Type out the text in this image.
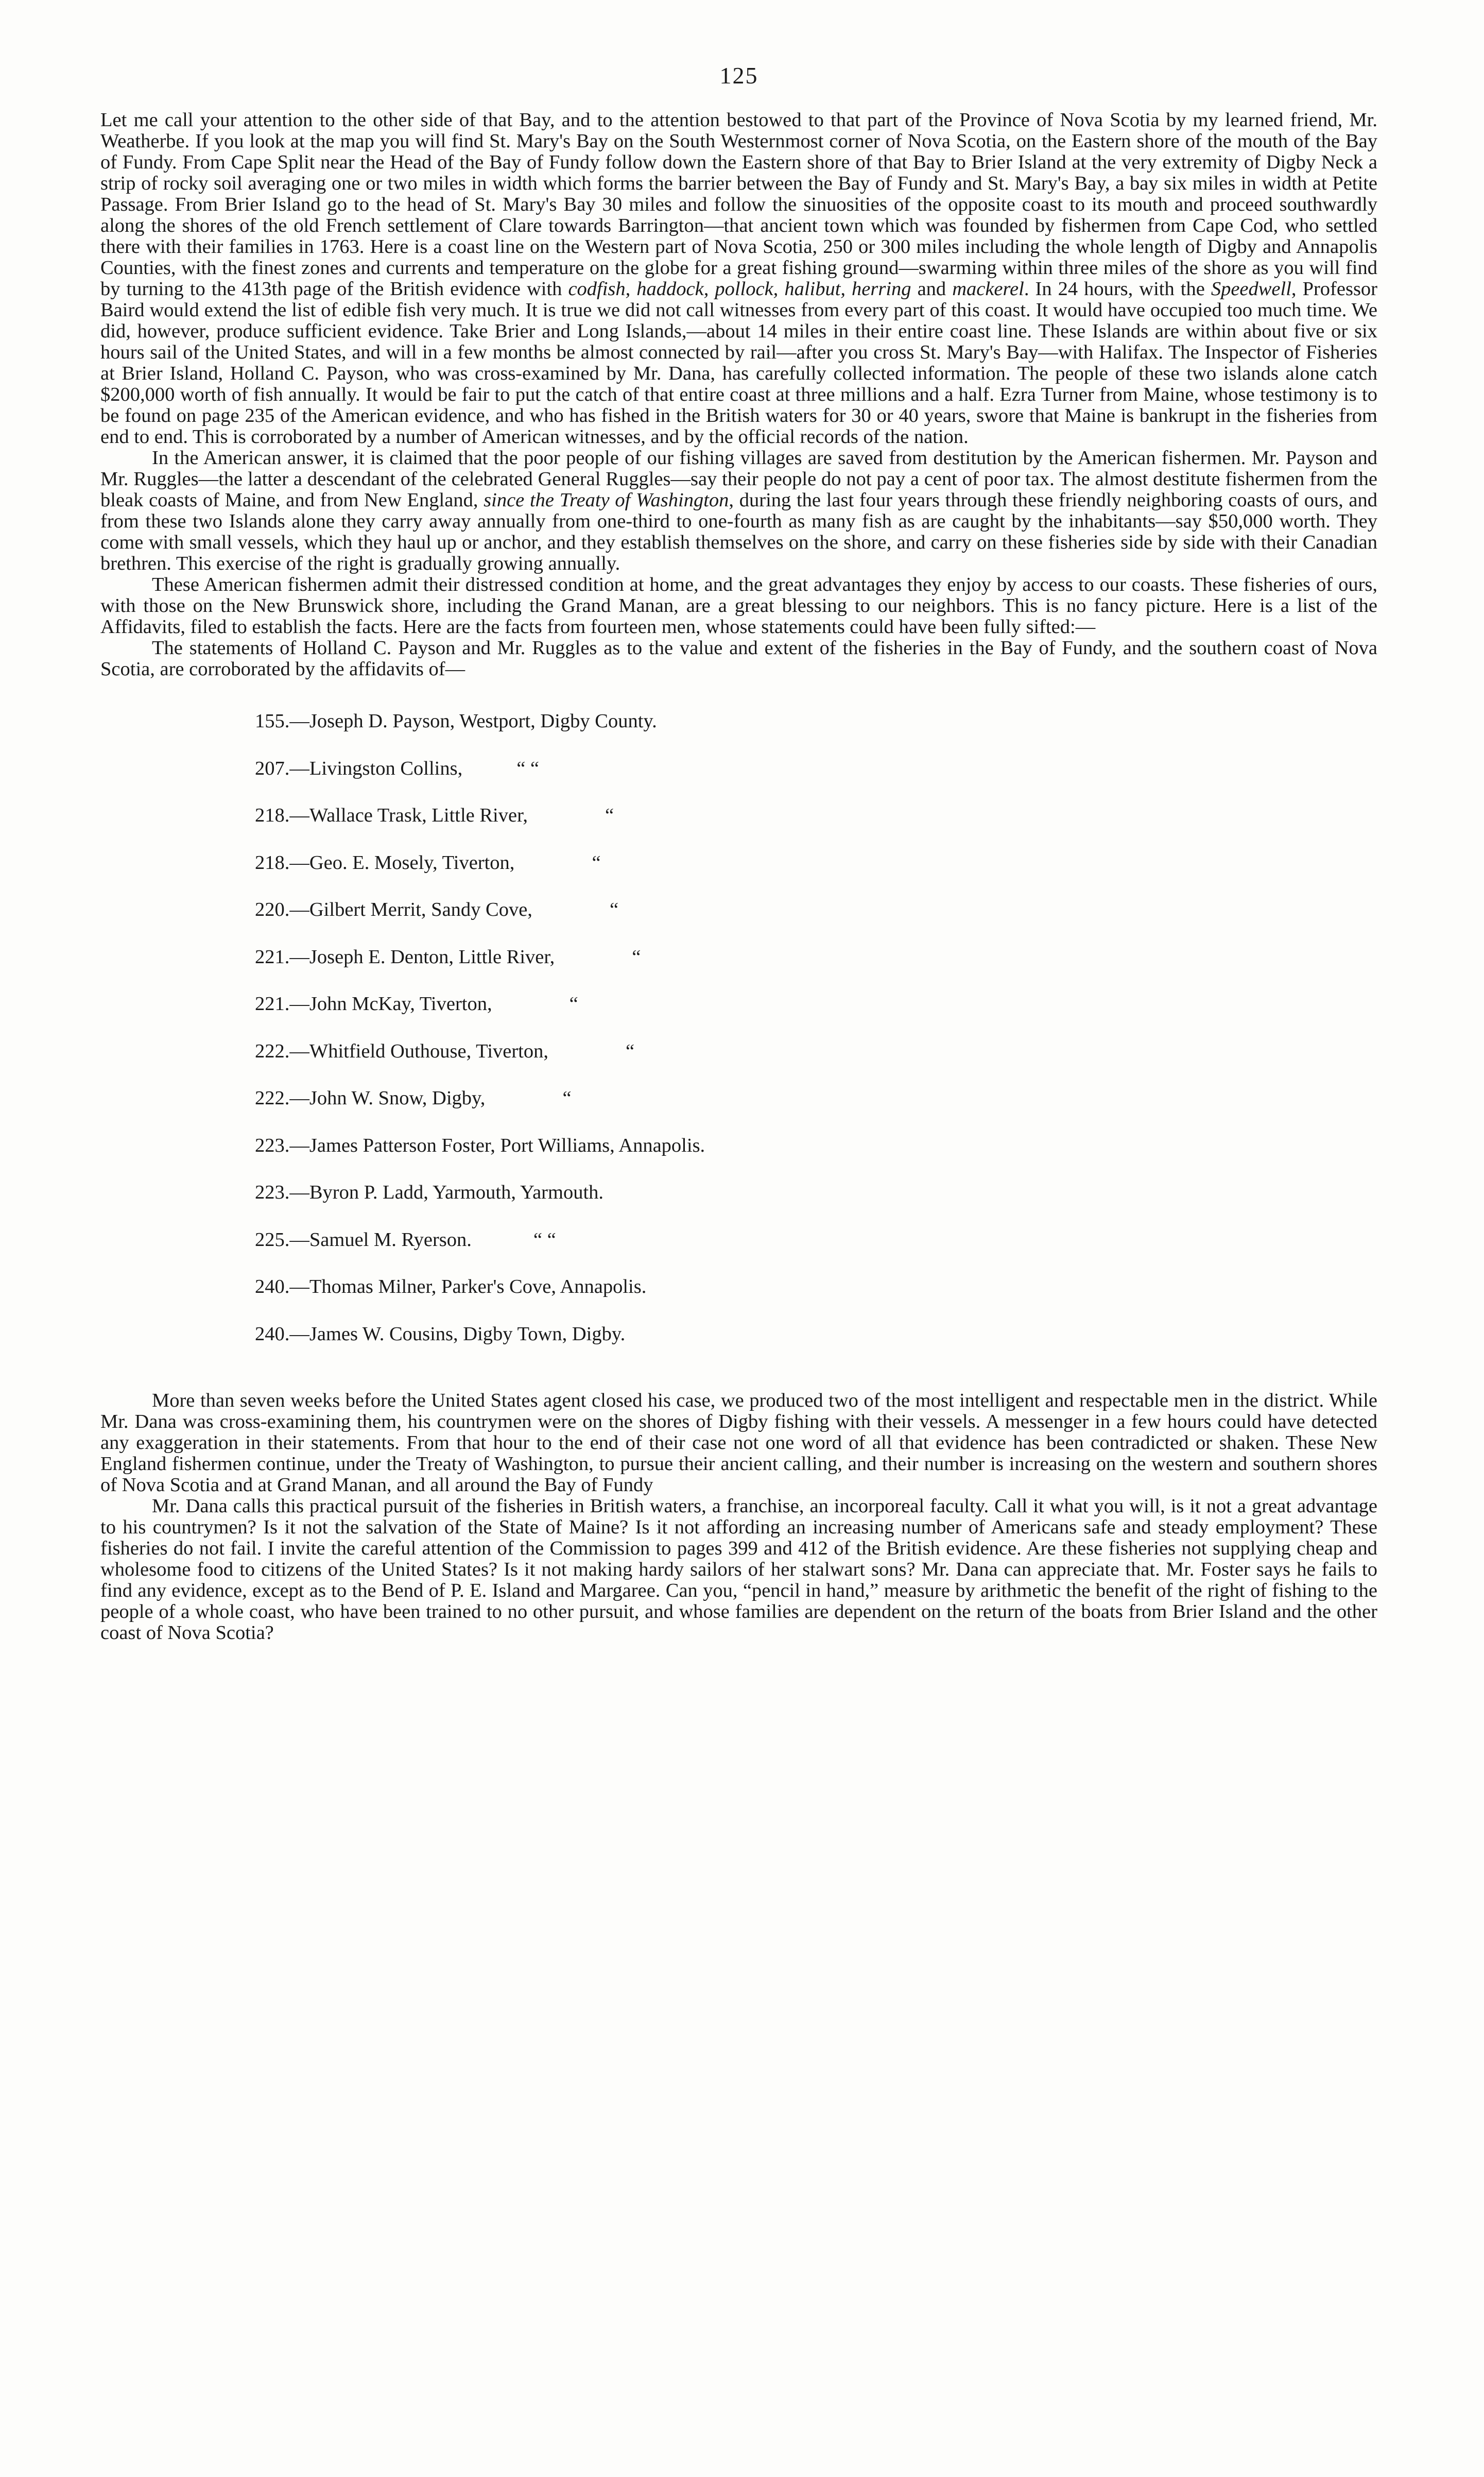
125

Let me call your attention to the other side of that Bay, and to the attention bestowed to that part of the Province of Nova Scotia by my learned friend, Mr. Weatherbe. If you look at the map you will find St. Mary's Bay on the South Westernmost corner of Nova Scotia, on the Eastern shore of the mouth of the Bay of Fundy. From Cape Split near the Head of the Bay of Fundy follow down the Eastern shore of that Bay to Brier Island at the very extremity of Digby Neck a strip of rocky soil averaging one or two miles in width which forms the barrier between the Bay of Fundy and St. Mary's Bay, a bay six miles in width at Petite Passage. From Brier Island go to the head of St. Mary's Bay 30 miles and follow the sinuosities of the opposite coast to its mouth and proceed southwardly along the shores of the old French settlement of Clare towards Barrington—that ancient town which was founded by fishermen from Cape Cod, who settled there with their families in 1763. Here is a coast line on the Western part of Nova Scotia, 250 or 300 miles including the whole length of Digby and Annapolis Counties, with the finest zones and currents and temperature on the globe for a great fishing ground—swarming within three miles of the shore as you will find by turning to the 413th page of the British evidence with codfish, haddock, pollock, halibut, herring and mackerel. In 24 hours, with the Speedwell, Professor Baird would extend the list of edible fish very much. It is true we did not call witnesses from every part of this coast. It would have occupied too much time. We did, however, produce sufficient evidence. Take Brier and Long Islands,—about 14 miles in their entire coast line. These Islands are within about five or six hours sail of the United States, and will in a few months be almost connected by rail—after you cross St. Mary's Bay—with Halifax. The Inspector of Fisheries at Brier Island, Holland C. Payson, who was cross-examined by Mr. Dana, has carefully collected information. The people of these two islands alone catch $200,000 worth of fish annually. It would be fair to put the catch of that entire coast at three millions and a half. Ezra Turner from Maine, whose testimony is to be found on page 235 of the American evidence, and who has fished in the British waters for 30 or 40 years, swore that Maine is bankrupt in the fisheries from end to end. This is corroborated by a number of American witnesses, and by the official records of the nation.

In the American answer, it is claimed that the poor people of our fishing villages are saved from destitution by the American fishermen. Mr. Payson and Mr. Ruggles—the latter a descendant of the celebrated General Ruggles—say their people do not pay a cent of poor tax. The almost destitute fishermen from the bleak coasts of Maine, and from New England, since the Treaty of Washington, during the last four years through these friendly neighboring coasts of ours, and from these two Islands alone they carry away annually from one-third to one-fourth as many fish as are caught by the inhabitants—say $50,000 worth. They come with small vessels, which they haul up or anchor, and they establish themselves on the shore, and carry on these fisheries side by side with their Canadian brethren. This exercise of the right is gradually growing annually.

These American fishermen admit their distressed condition at home, and the great advantages they enjoy by access to our coasts. These fisheries of ours, with those on the New Brunswick shore, including the Grand Manan, are a great blessing to our neighbors. This is no fancy picture. Here is a list of the Affidavits, filed to establish the facts. Here are the facts from fourteen men, whose statements could have been fully sifted:—

The statements of Holland C. Payson and Mr. Ruggles as to the value and extent of the fisheries in the Bay of Fundy, and the southern coast of Nova Scotia, are corroborated by the affidavits of—

155.—Joseph D. Payson, Westport, Digby County.
207.—Livingston Collins,	“ “
218.—Wallace Trask, Little River,	“
218.—Geo. E. Mosely, Tiverton,	“
220.—Gilbert Merrit, Sandy Cove,	“
221.—Joseph E. Denton, Little River,	“
221.—John McKay, Tiverton,	“
222.—Whitfield Outhouse, Tiverton,	“
222.—John W. Snow, Digby,	“
223.—James Patterson Foster, Port Williams, Annapolis.
223.—Byron P. Ladd, Yarmouth, Yarmouth.
225.—Samuel M. Ryerson.	“ “
240.—Thomas Milner, Parker's Cove, Annapolis.
240.—James W. Cousins, Digby Town, Digby.

More than seven weeks before the United States agent closed his case, we produced two of the most intelligent and respectable men in the district. While Mr. Dana was cross-examining them, his countrymen were on the shores of Digby fishing with their vessels. A messenger in a few hours could have detected any exaggeration in their statements. From that hour to the end of their case not one word of all that evidence has been contradicted or shaken. These New England fishermen continue, under the Treaty of Washington, to pursue their ancient calling, and their number is increasing on the western and southern shores of Nova Scotia and at Grand Manan, and all around the Bay of Fundy

Mr. Dana calls this practical pursuit of the fisheries in British waters, a franchise, an incorporeal faculty. Call it what you will, is it not a great advantage to his countrymen? Is it not the salvation of the State of Maine? Is it not affording an increasing number of Americans safe and steady employment? These fisheries do not fail. I invite the careful attention of the Commission to pages 399 and 412 of the British evidence. Are these fisheries not supplying cheap and wholesome food to citizens of the United States? Is it not making hardy sailors of her stalwart sons? Mr. Dana can appreciate that. Mr. Foster says he fails to find any evidence, except as to the Bend of P. E. Island and Margaree. Can you, “pencil in hand,” measure by arithmetic the benefit of the right of fishing to the people of a whole coast, who have been trained to no other pursuit, and whose families are dependent on the return of the boats from Brier Island and the other coast of Nova Scotia?
